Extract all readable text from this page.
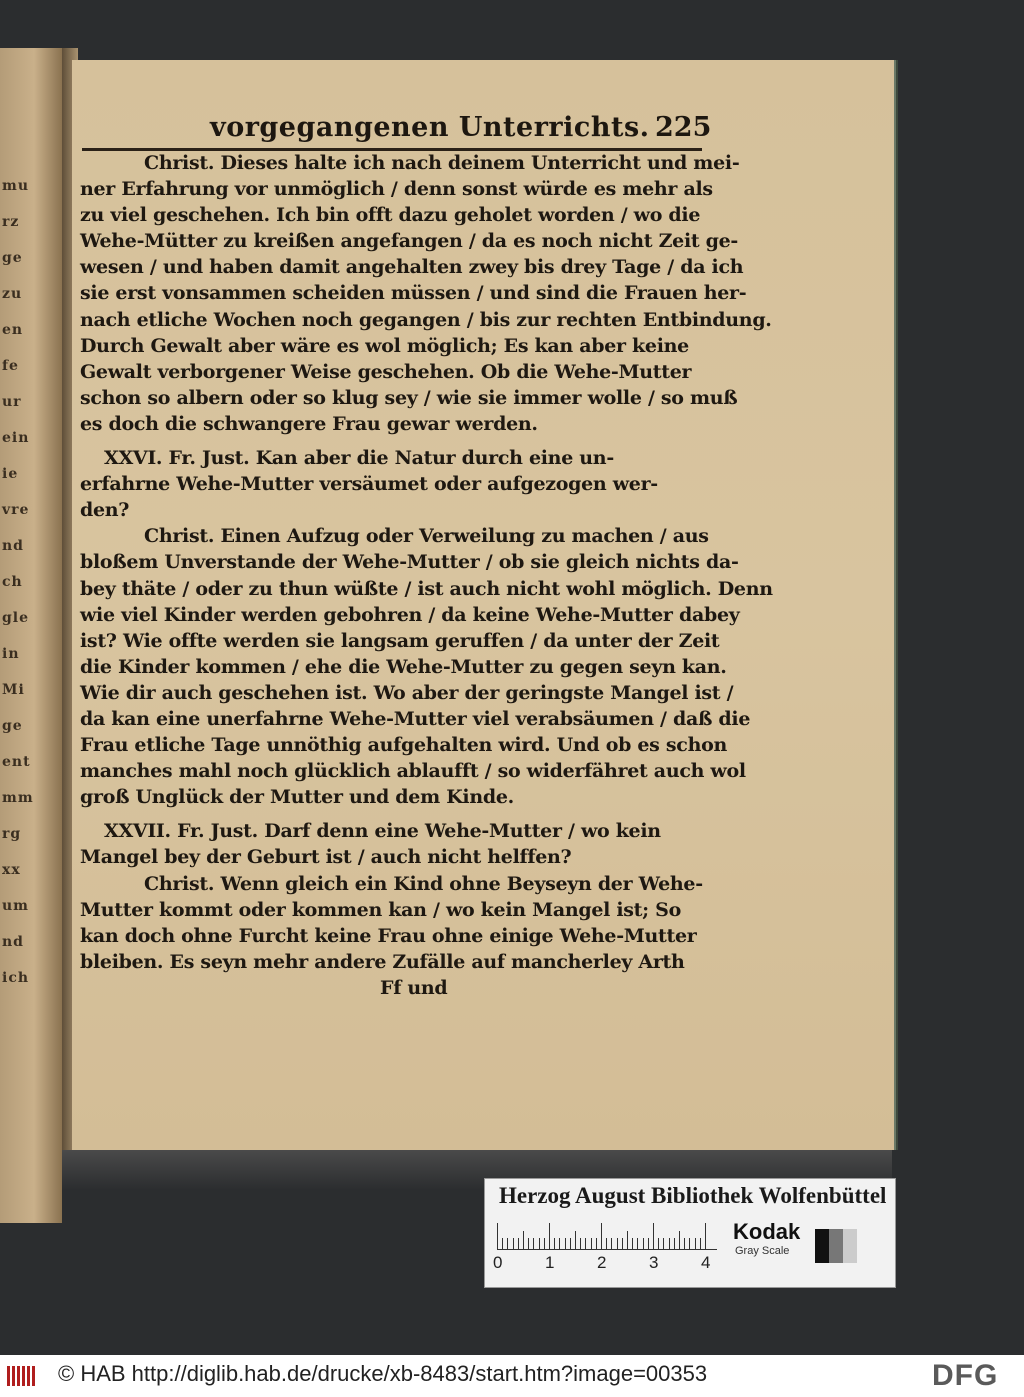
mu
rz
ge
zu
en
fe
ur
ein
ie
vre
nd
ch
gle
in
Mi
ge
ent
mm
rg
xx
um
nd
ich
vorgegangenen Unterrichts. 225
Christ. Dieses halte ich nach deinem Unterricht und mei-
ner Erfahrung vor unmöglich / denn sonst würde es mehr als
zu viel geschehen. Ich bin offt dazu geholet worden / wo die
Wehe-Mütter zu kreißen angefangen / da es noch nicht Zeit ge-
wesen / und haben damit angehalten zwey bis drey Tage / da ich
sie erst vonsammen scheiden müssen / und sind die Frauen her-
nach etliche Wochen noch gegangen / bis zur rechten Entbindung.
Durch Gewalt aber wäre es wol möglich; Es kan aber keine
Gewalt verborgener Weise geschehen. Ob die Wehe-Mutter
schon so albern oder so klug sey / wie sie immer wolle / so muß
es doch die schwangere Frau gewar werden.
XXVI. Fr. Just. Kan aber die Natur durch eine un-
erfahrne Wehe-Mutter versäumet oder aufgezogen wer-
den?
Christ. Einen Aufzug oder Verweilung zu machen / aus
bloßem Unverstande der Wehe-Mutter / ob sie gleich nichts da-
bey thäte / oder zu thun wüßte / ist auch nicht wohl möglich. Denn
wie viel Kinder werden gebohren / da keine Wehe-Mutter dabey
ist? Wie offte werden sie langsam geruffen / da unter der Zeit
die Kinder kommen / ehe die Wehe-Mutter zu gegen seyn kan.
Wie dir auch geschehen ist. Wo aber der geringste Mangel ist /
da kan eine unerfahrne Wehe-Mutter viel verabsäumen / daß die
Frau etliche Tage unnöthig aufgehalten wird. Und ob es schon
manches mahl noch glücklich ablaufft / so widerfähret auch wol
groß Unglück der Mutter und dem Kinde.
XXVII. Fr. Just. Darf denn eine Wehe-Mutter / wo kein
Mangel bey der Geburt ist / auch nicht helffen?
Christ. Wenn gleich ein Kind ohne Beyseyn der Wehe-
Mutter kommt oder kommen kan / wo kein Mangel ist; So
kan doch ohne Furcht keine Frau ohne einige Wehe-Mutter
bleiben. Es seyn mehr andere Zufälle auf mancherley Arth
Ff und
Herzog August Bibliothek Wolfenbüttel
0	1	2	3	4
Kodak
Gray Scale
© HAB http://diglib.hab.de/drucke/xb-8483/start.htm?image=00353	DFG
